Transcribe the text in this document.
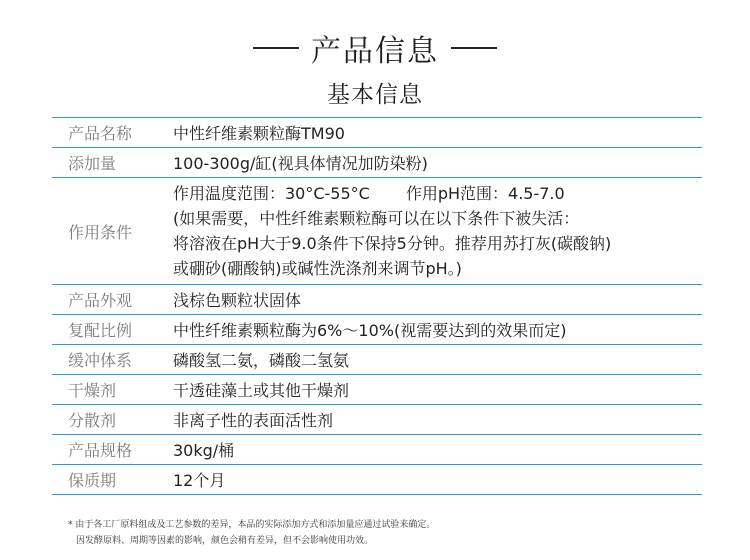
产品信息
基本信息
产品名称	中性纤维素颗粒酶TM90
添加量	100-300g/缸(视具体情况加防染粉)
作用条件	作用温度范围：30°C-55°C 作用pH范围：4.5-7.0
(如果需要，中性纤维素颗粒酶可以在以下条件下被失活：
将溶液在pH大于9.0条件下保持5分钟。推荐用苏打灰(碳酸钠)
或硼砂(硼酸钠)或碱性洗涤剂来调节pH。)

产品外观	浅棕色颗粒状固体
复配比例	中性纤维素颗粒酶为6%～10%(视需要达到的效果而定)
缓冲体系	磷酸氢二氨，磷酸二氢氨
干燥剂	干透硅藻土或其他干燥剂
分散剂	非离子性的表面活性剂
产品规格	30kg/桶
保质期	12个月
* 由于各工厂原料组成及工艺参数的差异，本品的实际添加方式和添加量应通过试验来确定。
因发酵原料、周期等因素的影响，颜色会稍有差异，但不会影响使用功效。
